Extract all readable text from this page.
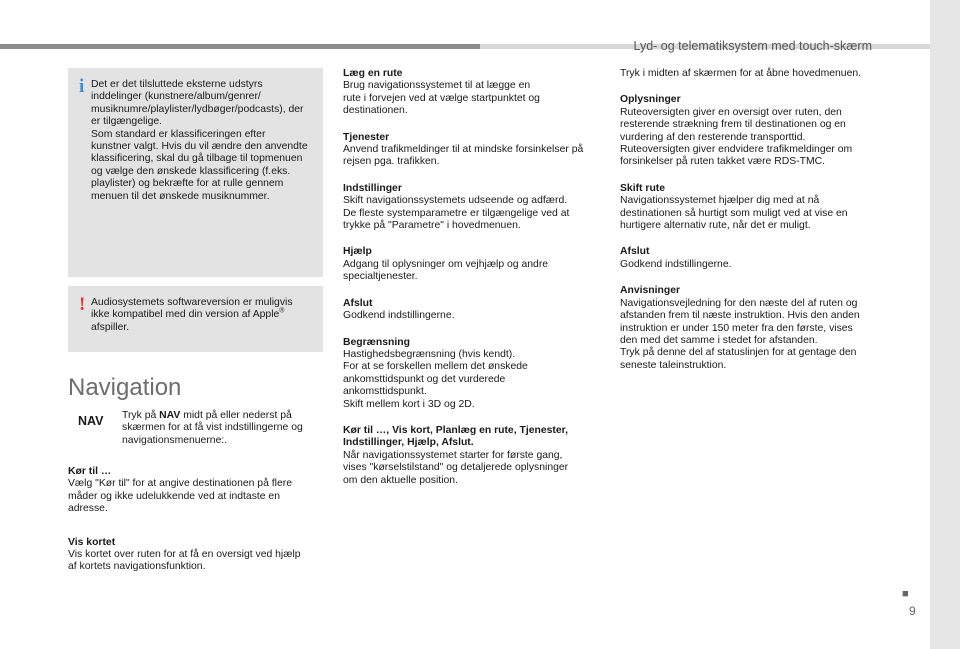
Lyd- og telematiksystem med touch-skærm
i Det er det tilsluttede eksterne udstyrs
inddelinger (kunstnere/album/genrer/
musiknumre/playlister/lydbøger/podcasts), der
er tilgængelige.
Som standard er klassificeringen efter
kunstner valgt. Hvis du vil ændre den anvendte
klassificering, skal du gå tilbage til topmenuen
og vælge den ønskede klassificering (f.eks.
playlister) og bekræfte for at rulle gennem
menuen til det ønskede musiknummer.
! Audiosystemets softwareversion er muligvis
ikke kompatibel med din version af Apple®
afspiller.
Navigation
NAV Tryk på NAV midt på eller nederst på
skærmen for at få vist indstillingerne og
navigationsmenuerne:.
Kør til …
Vælg "Kør til" for at angive destinationen på flere
måder og ikke udelukkende ved at indtaste en
adresse.
Vis kortet
Vis kortet over ruten for at få en oversigt ved hjælp
af kortets navigationsfunktion.
Læg en rute
Brug navigationssystemet til at lægge en
rute i forvejen ved at vælge startpunktet og
destinationen.
Tjenester
Anvend trafikmeldinger til at mindske forsinkelser på
rejsen pga. trafikken.
Indstillinger
Skift navigationssystemets udseende og adfærd.
De fleste systemparametre er tilgængelige ved at
trykke på "Parametre" i hovedmenuen.
Hjælp
Adgang til oplysninger om vejhjælp og andre
specialtjenester.
Afslut
Godkend indstillingerne.
Begrænsning
Hastighedsbegrænsning (hvis kendt).
For at se forskellen mellem det ønskede
ankomsttidspunkt og det vurderede
ankomsttidspunkt.
Skift mellem kort i 3D og 2D.
Kør til …, Vis kort, Planlæg en rute, Tjenester,
Indstillinger, Hjælp, Afslut.
Når navigationssystemet starter for første gang,
vises "kørselstilstand" og detaljerede oplysninger
om den aktuelle position.
Tryk i midten af skærmen for at åbne hovedmenuen.
Oplysninger
Ruteoversigten giver en oversigt over ruten, den
resterende strækning frem til destinationen og en
vurdering af den resterende transporttid.
Ruteoversigten giver endvidere trafikmeldinger om
forsinkelser på ruten takket være RDS-TMC.
Skift rute
Navigationssystemet hjælper dig med at nå
destinationen så hurtigt som muligt ved at vise en
hurtigere alternativ rute, når det er muligt.
Afslut
Godkend indstillingerne.
Anvisninger
Navigationsvejledning for den næste del af ruten og
afstanden frem til næste instruktion. Hvis den anden
instruktion er under 150 meter fra den første, vises
den med det samme i stedet for afstanden.
Tryk på denne del af statuslinjen for at gentage den
seneste taleinstruktion.
■
9
